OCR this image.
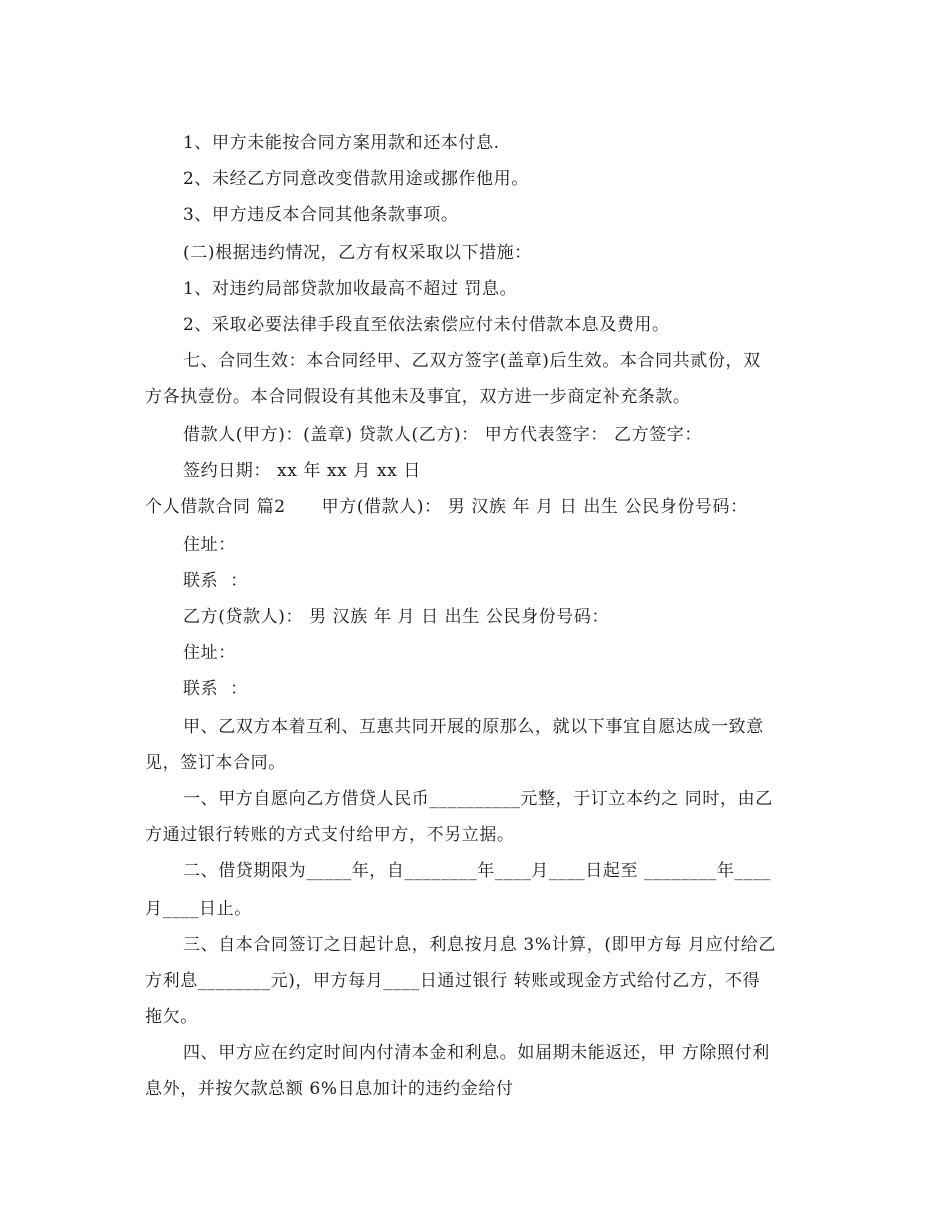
1、甲方未能按合同方案用款和还本付息.
2、未经乙方同意改变借款用途或挪作他用。
3、甲方违反本合同其他条款事项。
(二)根据违约情况，乙方有权采取以下措施：
1、对违约局部贷款加收最高不超过 罚息。
2、采取必要法律手段直至依法索偿应付未付借款本息及费用。
七、合同生效：本合同经甲、乙双方签字(盖章)后生效。本合同共贰份，双
方各执壹份。本合同假设有其他未及事宜，双方进一步商定补充条款。
借款人(甲方)：(盖章) 贷款人(乙方)： 甲方代表签字： 乙方签字：
签约日期： xx 年 xx 月 xx 日
个人借款合同 篇2      甲方(借款人)： 男 汉族 年 月 日 出生 公民身份号码：
住址：
联系  ：
乙方(贷款人)： 男 汉族 年 月 日 出生 公民身份号码：
住址：
联系  ：
甲、乙双方本着互利、互惠共同开展的原那么，就以下事宜自愿达成一致意
见，签订本合同。
一、甲方自愿向乙方借贷人民币__________元整，于订立本约之 同时，由乙
方通过银行转账的方式支付给甲方，不另立据。
二、借贷期限为_____年，自________年____月____日起至 ________年____
月____日止。
三、自本合同签订之日起计息，利息按月息 3%计算，(即甲方每 月应付给乙
方利息________元)，甲方每月____日通过银行 转账或现金方式给付乙方，不得
拖欠。
四、甲方应在约定时间内付清本金和利息。如届期未能返还，甲 方除照付利
息外，并按欠款总额 6%日息加计的违约金给付
